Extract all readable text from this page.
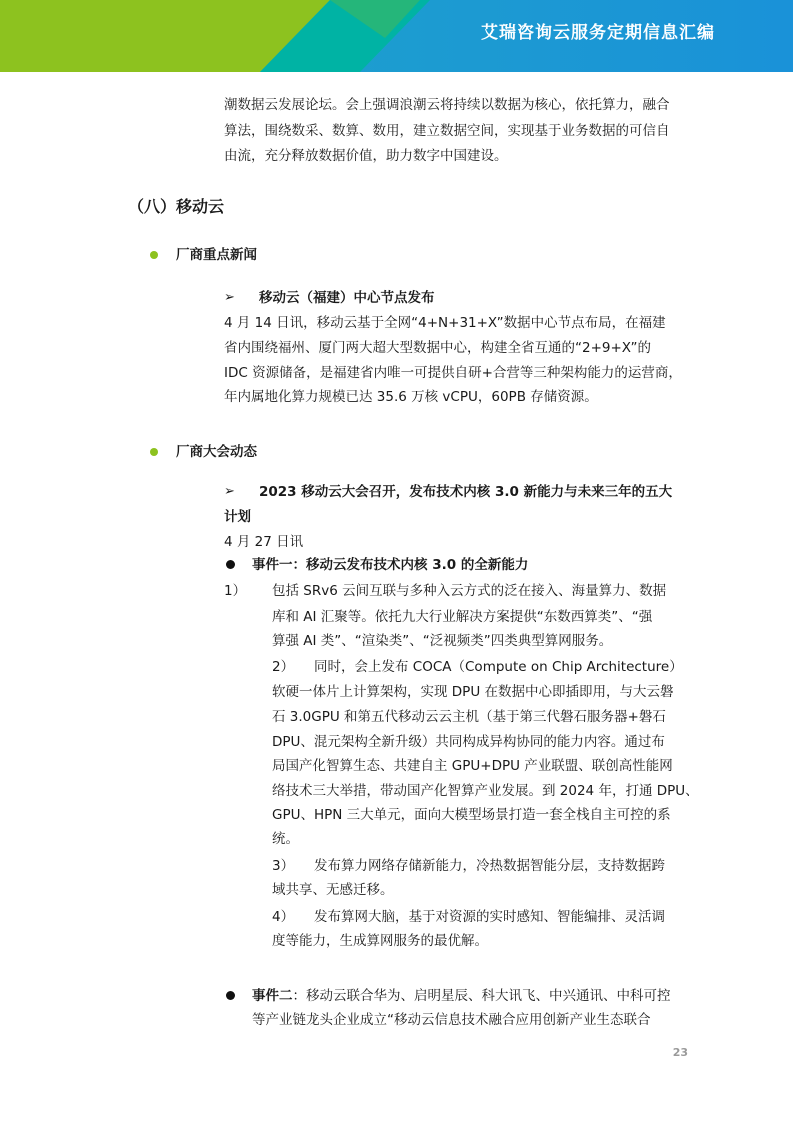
艾瑞咨询云服务定期信息汇编
潮数据云发展论坛。会上强调浪潮云将持续以数据为核心，依托算力，融合
算法，围绕数采、数算、数用，建立数据空间，实现基于业务数据的可信自
由流，充分释放数据价值，助力数字中国建设。
（八）移动云
厂商重点新闻
➢ 移动云（福建）中心节点发布
4 月 14 日讯，移动云基于全网“4+N+31+X”数据中心节点布局，在福建
省内围绕福州、厦门两大超大型数据中心，构建全省互通的“2+9+X”的
IDC 资源储备，是福建省内唯一可提供自研+合营等三种架构能力的运营商，
年内属地化算力规模已达 35.6 万核 vCPU，60PB 存储资源。
厂商大会动态
➢ 2023 移动云大会召开，发布技术内核 3.0 新能力与未来三年的五大
计划
4 月 27 日讯
事件一：移动云发布技术内核 3.0 的全新能力
1） 包括 SRv6 云间互联与多种入云方式的泛在接入、海量算力、数据
库和 AI 汇聚等。依托九大行业解决方案提供“东数西算类”、“强
算强 AI 类”、“渲染类”、“泛视频类”四类典型算网服务。
2） 同时，会上发布 COCA（Compute on Chip Architecture）
软硬一体片上计算架构，实现 DPU 在数据中心即插即用，与大云磐
石 3.0GPU 和第五代移动云云主机（基于第三代磐石服务器+磐石
DPU、混元架构全新升级）共同构成异构协同的能力内容。通过布
局国产化智算生态、共建自主 GPU+DPU 产业联盟、联创高性能网
络技术三大举措，带动国产化智算产业发展。到 2024 年，打通 DPU、
GPU、HPN 三大单元，面向大模型场景打造一套全栈自主可控的系
统。
3） 发布算力网络存储新能力，冷热数据智能分层，支持数据跨
域共享、无感迁移。
4） 发布算网大脑，基于对资源的实时感知、智能编排、灵活调
度等能力，生成算网服务的最优解。
事件二：移动云联合华为、启明星辰、科大讯飞、中兴通讯、中科可控
等产业链龙头企业成立“移动云信息技术融合应用创新产业生态联合
23
